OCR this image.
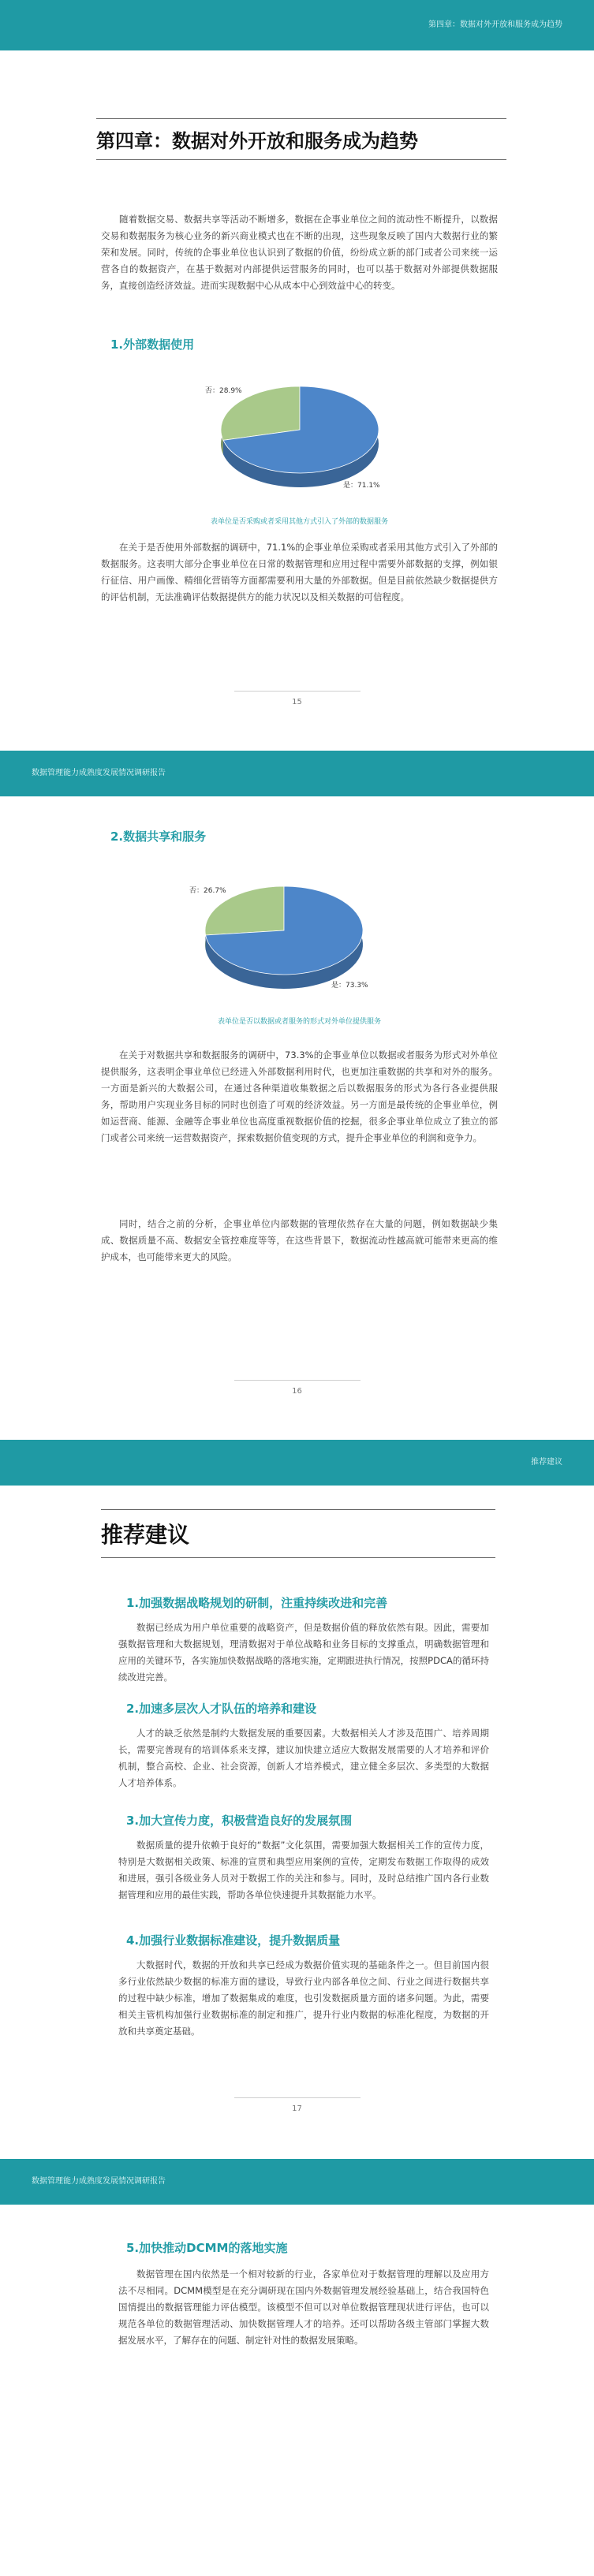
第四章：数据对外开放和服务成为趋势
第四章：数据对外开放和服务成为趋势

随着数据交易、数据共享等活动不断增多，数据在企事业单位之间的流动性不断提升，以数据交易和数据服务为核心业务的新兴商业模式也在不断的出现，这些现象反映了国内大数据行业的繁荣和发展。同时，传统的企事业单位也认识到了数据的价值，纷纷成立新的部门或者公司来统一运营各自的数据资产，在基于数据对内部提供运营服务的同时，也可以基于数据对外部提供数据服务，直接创造经济效益。进而实现数据中心从成本中心到效益中心的转变。

1.外部数据使用

否：28.9%
是：71.1%
表单位是否采购或者采用其他方式引入了外部的数据服务

在关于是否使用外部数据的调研中，71.1%的企事业单位采购或者采用其他方式引入了外部的数据服务。这表明大部分企事业单位在日常的数据管理和应用过程中需要外部数据的支撑，例如银行征信、用户画像、精细化营销等方面都需要利用大量的外部数据。但是目前依然缺少数据提供方的评估机制，无法准确评估数据提供方的能力状况以及相关数据的可信程度。

15
数据管理能力成熟度发展情况调研报告

2.数据共享和服务

否：26.7%
是：73.3%
表单位是否以数据或者服务的形式对外单位提供服务

在关于对数据共享和数据服务的调研中，73.3%的企事业单位以数据或者服务为形式对外单位提供服务，这表明企事业单位已经进入外部数据利用时代，也更加注重数据的共享和对外的服务。一方面是新兴的大数据公司，在通过各种渠道收集数据之后以数据服务的形式为各行各业提供服务，帮助用户实现业务目标的同时也创造了可观的经济效益。另一方面是最传统的企事业单位，例如运营商、能源、金融等企事业单位也高度重视数据价值的挖掘，很多企事业单位成立了独立的部门或者公司来统一运营数据资产，探索数据价值变现的方式，提升企事业单位的利润和竞争力。

同时，结合之前的分析，企事业单位内部数据的管理依然存在大量的问题，例如数据缺少集成、数据质量不高、数据安全管控难度等等，在这些背景下，数据流动性越高就可能带来更高的维护成本，也可能带来更大的风险。

16
推荐建议
推荐建议

1.加强数据战略规划的研制，注重持续改进和完善

数据已经成为用户单位重要的战略资产，但是数据价值的释放依然有限。因此，需要加强数据管理和大数据规划，理清数据对于单位战略和业务目标的支撑重点，明确数据管理和应用的关键环节，各实施加快数据战略的落地实施，定期跟进执行情况，按照PDCA的循环持续改进完善。

2.加速多层次人才队伍的培养和建设

人才的缺乏依然是制约大数据发展的重要因素。大数据相关人才涉及范围广、培养周期长，需要完善现有的培训体系来支撑，建议加快建立适应大数据发展需要的人才培养和评价机制，整合高校、企业、社会资源，创新人才培养模式，建立健全多层次、多类型的大数据人才培养体系。

3.加大宣传力度，积极营造良好的发展氛围

数据质量的提升依赖于良好的“数据”文化氛围，需要加强大数据相关工作的宣传力度，特别是大数据相关政策、标准的宣贯和典型应用案例的宣传，定期发布数据工作取得的成效和进展，强引各级业务人员对于数据工作的关注和参与。同时，及时总结推广国内各行业数据管理和应用的最佳实践，帮助各单位快速提升其数据能力水平。

4.加强行业数据标准建设，提升数据质量

大数据时代，数据的开放和共享已经成为数据价值实现的基础条件之一。但目前国内很多行业依然缺少数据的标准方面的建设，导致行业内部各单位之间、行业之间进行数据共享的过程中缺少标准，增加了数据集成的难度，也引发数据质量方面的诸多问题。为此，需要相关主管机构加强行业数据标准的制定和推广，提升行业内数据的标准化程度，为数据的开放和共享奠定基础。

17
数据管理能力成熟度发展情况调研报告

5.加快推动DCMM的落地实施

数据管理在国内依然是一个相对较新的行业，各家单位对于数据管理的理解以及应用方法不尽相同。DCMM模型是在充分调研现在国内外数据管理发展经验基础上，结合我国特色国情提出的数据管理能力评估模型。该模型不但可以对单位数据管理现状进行评估，也可以规范各单位的数据管理活动、加快数据管理人才的培养。还可以帮助各级主管部门掌握大数据发展水平，了解存在的问题、制定针对性的数据发展策略。
